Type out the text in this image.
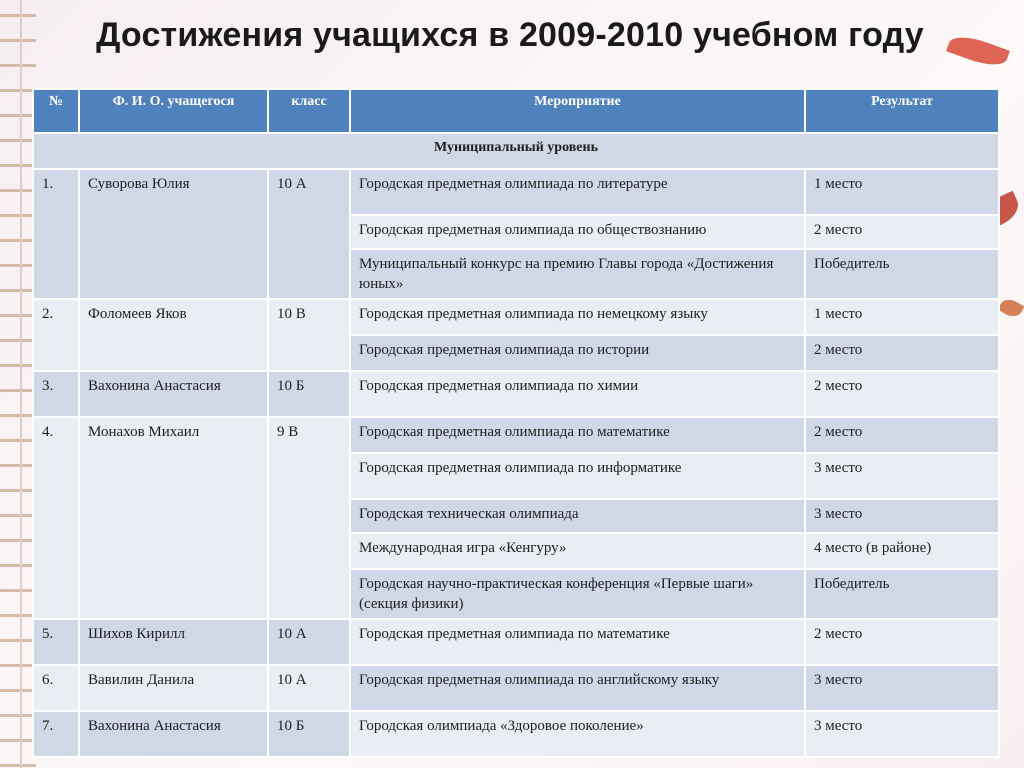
Достижения учащихся в 2009-2010 учебном году
№	Ф. И. О. учащегося	класс	Мероприятие	Результат
Муниципальный уровень				
1.	Суворова Юлия	10 А	Городская предметная олимпиада по литературе	1 место
			Городская предметная олимпиада по обществознанию	2 место
			Муниципальный конкурс на премию Главы города «Достижения юных»	Победитель
2.	Фоломеев Яков	10 В	Городская предметная олимпиада по немецкому языку	1 место
			Городская предметная олимпиада по истории	2 место
3.	Вахонина Анастасия	10 Б	Городская предметная олимпиада по химии	2 место
4.	Монахов Михаил	9 В	Городская предметная олимпиада по математике	2 место
			Городская предметная олимпиада по информатике	3 место
			Городская техническая олимпиада	3 место
			Международная игра «Кенгуру»	4 место (в районе)
			Городская научно-практическая конференция «Первые шаги» (секция физики)	Победитель
5.	Шихов Кирилл	10 А	Городская предметная олимпиада по математике	2 место
6.	Вавилин Данила	10 А	Городская предметная олимпиада по английскому языку	3 место
7.	Вахонина Анастасия	10 Б	Городская олимпиада «Здоровое поколение»	3 место
